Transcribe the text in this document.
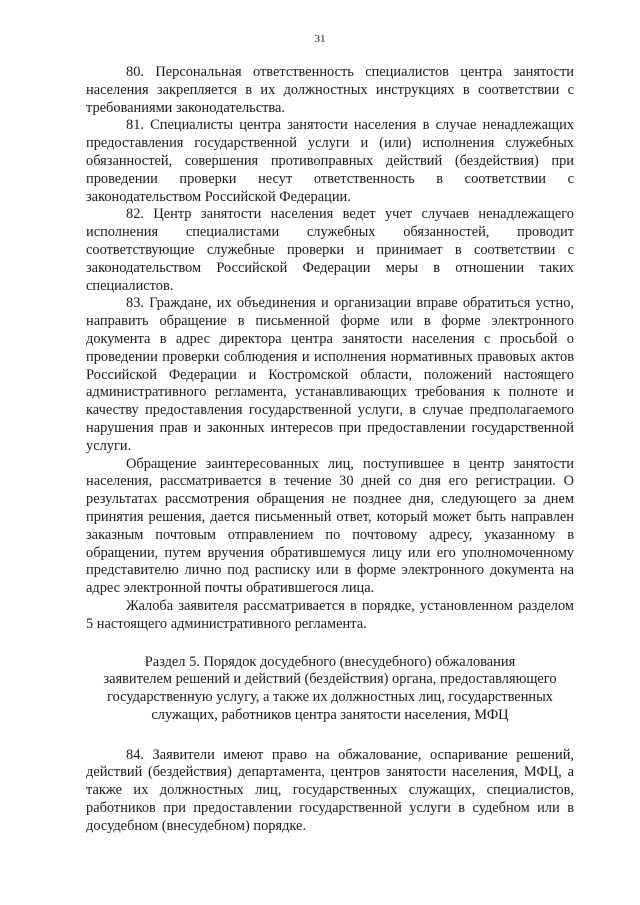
31

80. Персональная ответственность специалистов центра занятости населения закрепляется в их должностных инструкциях в соответствии с требованиями законодательства.

81. Специалисты центра занятости населения в случае ненадлежащих предоставления государственной услуги и (или) исполнения служебных обязанностей, совершения противоправных действий (бездействия) при проведении проверки несут ответственность в соответствии с законодательством Российской Федерации.

82. Центр занятости населения ведет учет случаев ненадлежащего исполнения специалистами служебных обязанностей, проводит соответствующие служебные проверки и принимает в соответствии с законодательством Российской Федерации меры в отношении таких специалистов.

83. Граждане, их объединения и организации вправе обратиться устно, направить обращение в письменной форме или в форме электронного документа в адрес директора центра занятости населения с просьбой о проведении проверки соблюдения и исполнения нормативных правовых актов Российской Федерации и Костромской области, положений настоящего административного регламента, устанавливающих требования к полноте и качеству предоставления государственной услуги, в случае предполагаемого нарушения прав и законных интересов при предоставлении государственной услуги.

Обращение заинтересованных лиц, поступившее в центр занятости населения, рассматривается в течение 30 дней со дня его регистрации. О результатах рассмотрения обращения не позднее дня, следующего за днем принятия решения, дается письменный ответ, который может быть направлен заказным почтовым отправлением по почтовому адресу, указанному в обращении, путем вручения обратившемуся лицу или его уполномоченному представителю лично под расписку или в форме электронного документа на адрес электронной почты обратившегося лица.

Жалоба заявителя рассматривается в порядке, установленном разделом 5 настоящего административного регламента.

Раздел 5. Порядок досудебного (внесудебного) обжалования
заявителем решений и действий (бездействия) органа, предоставляющего
государственную услугу, а также их должностных лиц, государственных
служащих, работников центра занятости населения, МФЦ

84. Заявители имеют право на обжалование, оспаривание решений, действий (бездействия) департамента, центров занятости населения, МФЦ, а также их должностных лиц, государственных служащих, специалистов, работников при предоставлении государственной услуги в судебном или в досудебном (внесудебном) порядке.
